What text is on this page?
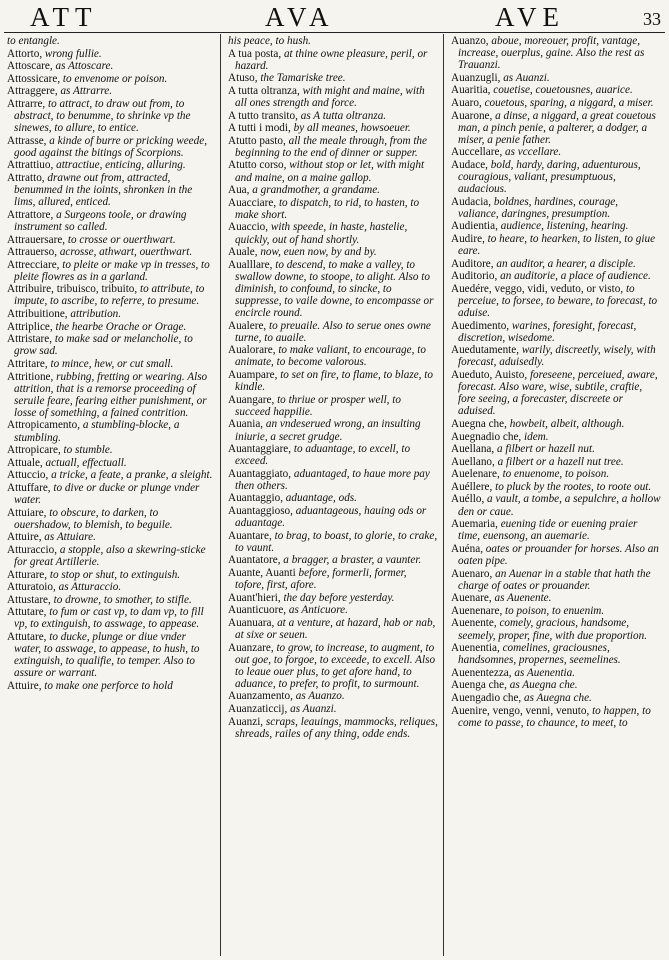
ATT	AVA	AVE	33
to entangle.
Attorto, wrong fullie.
Attoscare, as Attoscare.
Attossicare, to envenome or poison.
Attraggere, as Attrarre.
Attrarre, to attract, to draw out from, to abstract, to benumme, to shrinke vp the sinewes, to allure, to entice.
Attrasse, a kinde of burre or pricking weede, good against the bitings of Scorpions.
Attrattiuo, attractiue, enticing, alluring.
Attratto, drawne out from, attracted, benummed in the ioints, shronken in the lims, allured, enticed.
Attrattore, a Surgeons toole, or drawing instrument so called.
Attrauersare, to crosse or ouerthwart.
Attrauerso, acrosse, athwart, ouerthwart.
Attrecciare, to pleite or make vp in tresses, to pleite flowres as in a garland.
Attribuire, tribuisco, tribuito, to attribute, to impute, to ascribe, to referre, to presume.
Attribuitione, attribution.
Attriplice, the hearbe Orache or Orage.
Attristare, to make sad or melancholie, to grow sad.
Attritare, to mince, hew, or cut small.
Attritione, rubbing, fretting or wearing. Also attrition, that is a remorse proceeding of seruile feare, fearing either punishment, or losse of something, a fained contrition.
Attropicamento, a stumbling-blocke, a stumbling.
Attropicare, to stumble.
Attuale, actuall, effectuall.
Attuccio, a tricke, a feate, a pranke, a sleight.
Attuffare, to dive or ducke or plunge vnder water.
Attuiare, to obscure, to darken, to ouershadow, to blemish, to beguile.
Attuire, as Attuiare.
Atturaccio, a stopple, also a skewring-sticke for great Artillerie.
Atturare, to stop or shut, to extinguish.
Atturatoio, as Atturaccio.
Attustare, to drowne, to smother, to stifle.
Attutare, to fum or cast vp, to dam vp, to fill vp, to extinguish, to asswage, to appease.
Attutare, to ducke, plunge or diue vnder water, to asswage, to appease, to hush, to extinguish, to qualifie, to temper. Also to assure or warrant.
Attuire, to make one perforce to hold
his peace, to hush.
A tua posta, at thine owne pleasure, peril, or hazard.
Atuso, the Tamariske tree.
A tutta oltranza, with might and maine, with all ones strength and force.
A tutto transito, as A tutta oltranza.
A tutti i modi, by all meanes, howsoeuer.
Atutto pasto, all the meale through, from the beginning to the end of dinner or supper.
Atutto corso, without stop or let, with might and maine, on a maine gallop.
Aua, a grandmother, a grandame.
Auacciare, to dispatch, to rid, to hasten, to make short.
Auaccio, with speede, in haste, hastelie, quickly, out of hand shortly.
Auale, now, euen now, by and by.
Aualllare, to descend, to make a valley, to swallow downe, to stoope, to alight. Also to diminish, to confound, to sincke, to suppresse, to vaile downe, to encompasse or encircle round.
Aualere, to preuaile. Also to serue ones owne turne, to auaile.
Aualorare, to make valiant, to encourage, to animate, to become valorous.
Auampare, to set on fire, to flame, to blaze, to kindle.
Auangare, to thriue or prosper well, to succeed happilie.
Auania, an vndeserued wrong, an insulting iniurie, a secret grudge.
Auantaggiare, to aduantage, to excell, to exceed.
Auantaggiato, aduantaged, to haue more pay then others.
Auantaggio, aduantage, ods.
Auantaggioso, aduantageous, hauing ods or aduantage.
Auantare, to brag, to boast, to glorie, to crake, to vaunt.
Auantatore, a bragger, a braster, a vaunter.
Auante, Auanti before, formerli, former, tofore, first, afore.
Auant'hieri, the day before yesterday.
Auanticuore, as Anticuore.
Auanuara, at a venture, at hazard, hab or nab, at sixe or seuen.
Auanzare, to grow, to increase, to augment, to out goe, to forgoe, to exceede, to excell. Also to leaue ouer plus, to get afore hand, to aduance, to prefer, to profit, to surmount.
Auanzamento, as Auanzo.
Auanzaticcij, as Auanzi.
Auanzi, scraps, leauings, mammocks, reliques, shreads, railes of any thing, odde ends.
Auanzo, aboue, moreouer, profit, vantage, increase, ouerplus, gaine. Also the rest as Trauanzi.
Auanzugli, as Auanzi.
Auaritia, couetise, couetousnes, auarice.
Auaro, couetous, sparing, a niggard, a miser.
Auarone, a dinse, a niggard, a great couetous man, a pinch penie, a palterer, a dodger, a miser, a penie father.
Auccellare, as vccellare.
Audace, bold, hardy, daring, aduenturous, couragious, valiant, presumptuous, audacious.
Audacia, boldnes, hardines, courage, valiance, daringnes, presumption.
Audientia, audience, listening, hearing.
Audire, to heare, to hearken, to listen, to giue eare.
Auditore, an auditor, a hearer, a disciple.
Auditorio, an auditorie, a place of audience.
Auedére, veggo, vidi, veduto, or visto, to perceiue, to forsee, to beware, to forecast, to aduise.
Auedimento, warines, foresight, forecast, discretion, wisedome.
Auedutamente, warily, discreetly, wisely, with forecast, aduisedly.
Aueduto, Auisto, foreseene, perceiued, aware, forecast. Also ware, wise, subtile, craftie, fore seeing, a forecaster, discreete or aduised.
Auegna che, howbeit, albeit, although.
Auegnadio che, idem.
Auellana, a filbert or hazell nut.
Auellano, a filbert or a hazell nut tree.
Auelenare, to enuenome, to poison.
Auéllere, to pluck by the rootes, to roote out.
Auéllo, a vault, a tombe, a sepulchre, a hollow den or caue.
Auemaria, euening tide or euening praier time, euensong, an auemarie.
Auéna, oates or prouander for horses. Also an oaten pipe.
Auenaro, an Auenar in a stable that hath the charge of oates or prouander.
Auenare, as Auenente.
Auenenare, to poison, to enuenim.
Auenente, comely, gracious, handsome, seemely, proper, fine, with due proportion.
Auenentia, comelines, graciousnes, handsomnes, propernes, seemelines.
Auenentezza, as Auenentia.
Auenga che, as Auegna che.
Auengadio che, as Auegna che.
Auenire, vengo, venni, venuto, to happen, to come to passe, to chaunce, to meet, to
